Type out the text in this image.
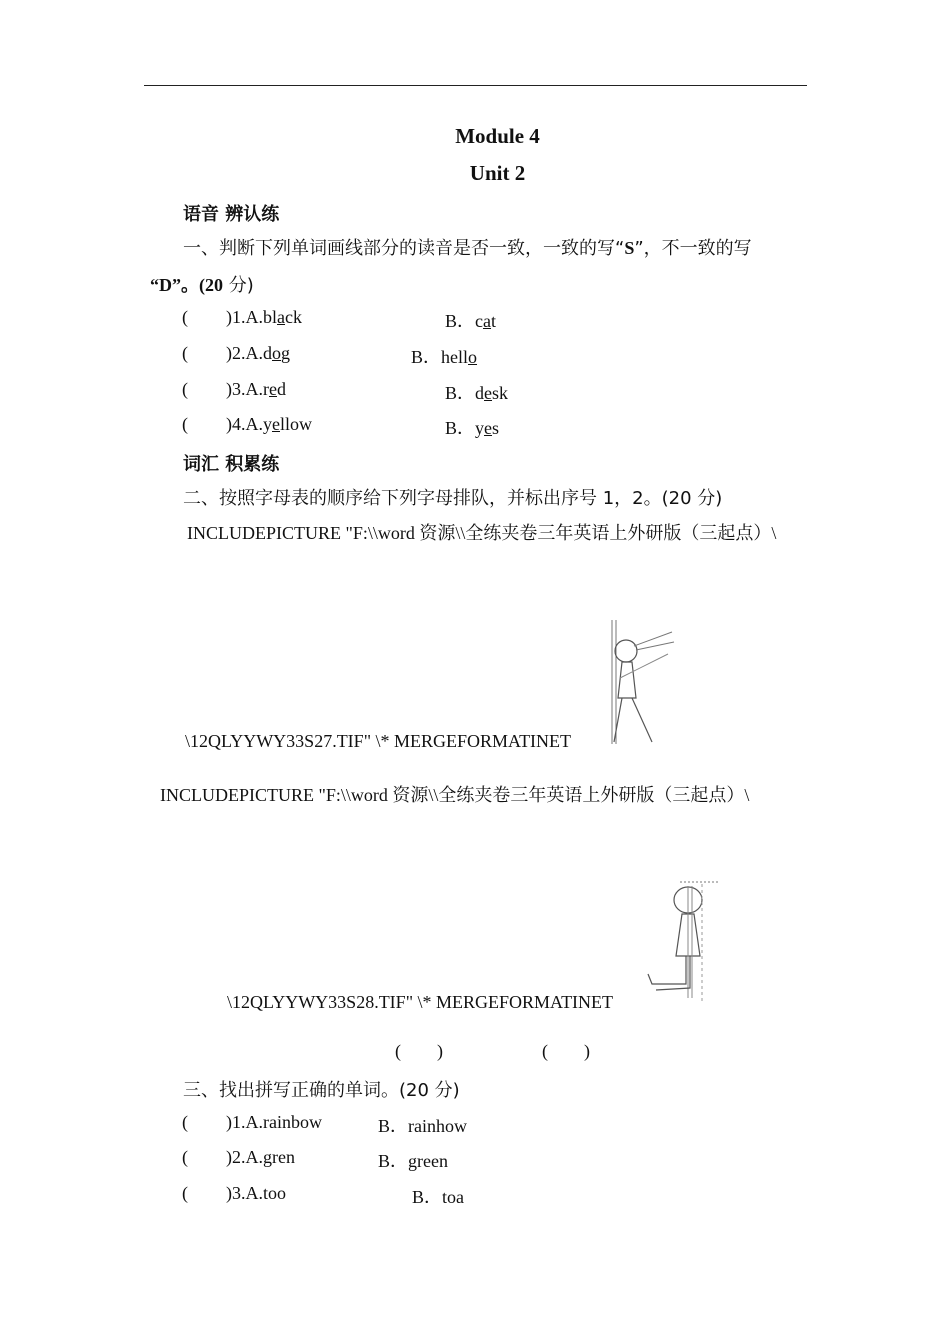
Module 4
Unit 2
语音 辨认练
一、判断下列单词画线部分的读音是否一致，一致的写“S”，不一致的写
“D”。(20 分)
( )1.A.black	B．cat
( )2.A.dog	B．hello
( )3.A.red	B．desk
( )4.A.yellow	B．yes
词汇 积累练
二、按照字母表的顺序给下列字母排队，并标出序号 1，2。(20 分)
INCLUDEPICTURE "F:\\word 资源\\全练夹卷三年英语上外研版（三起点）\
\12QLYYWY33S27.TIF" \* MERGEFORMATINET
INCLUDEPICTURE "F:\\word 资源\\全练夹卷三年英语上外研版（三起点）\
\12QLYYWY33S28.TIF" \* MERGEFORMATINET
(        )	(        )
三、找出拼写正确的单词。(20 分)
( )1.A.rainbow	B．rainhow
( )2.A.gren	B．green
( )3.A.too	B．toa
